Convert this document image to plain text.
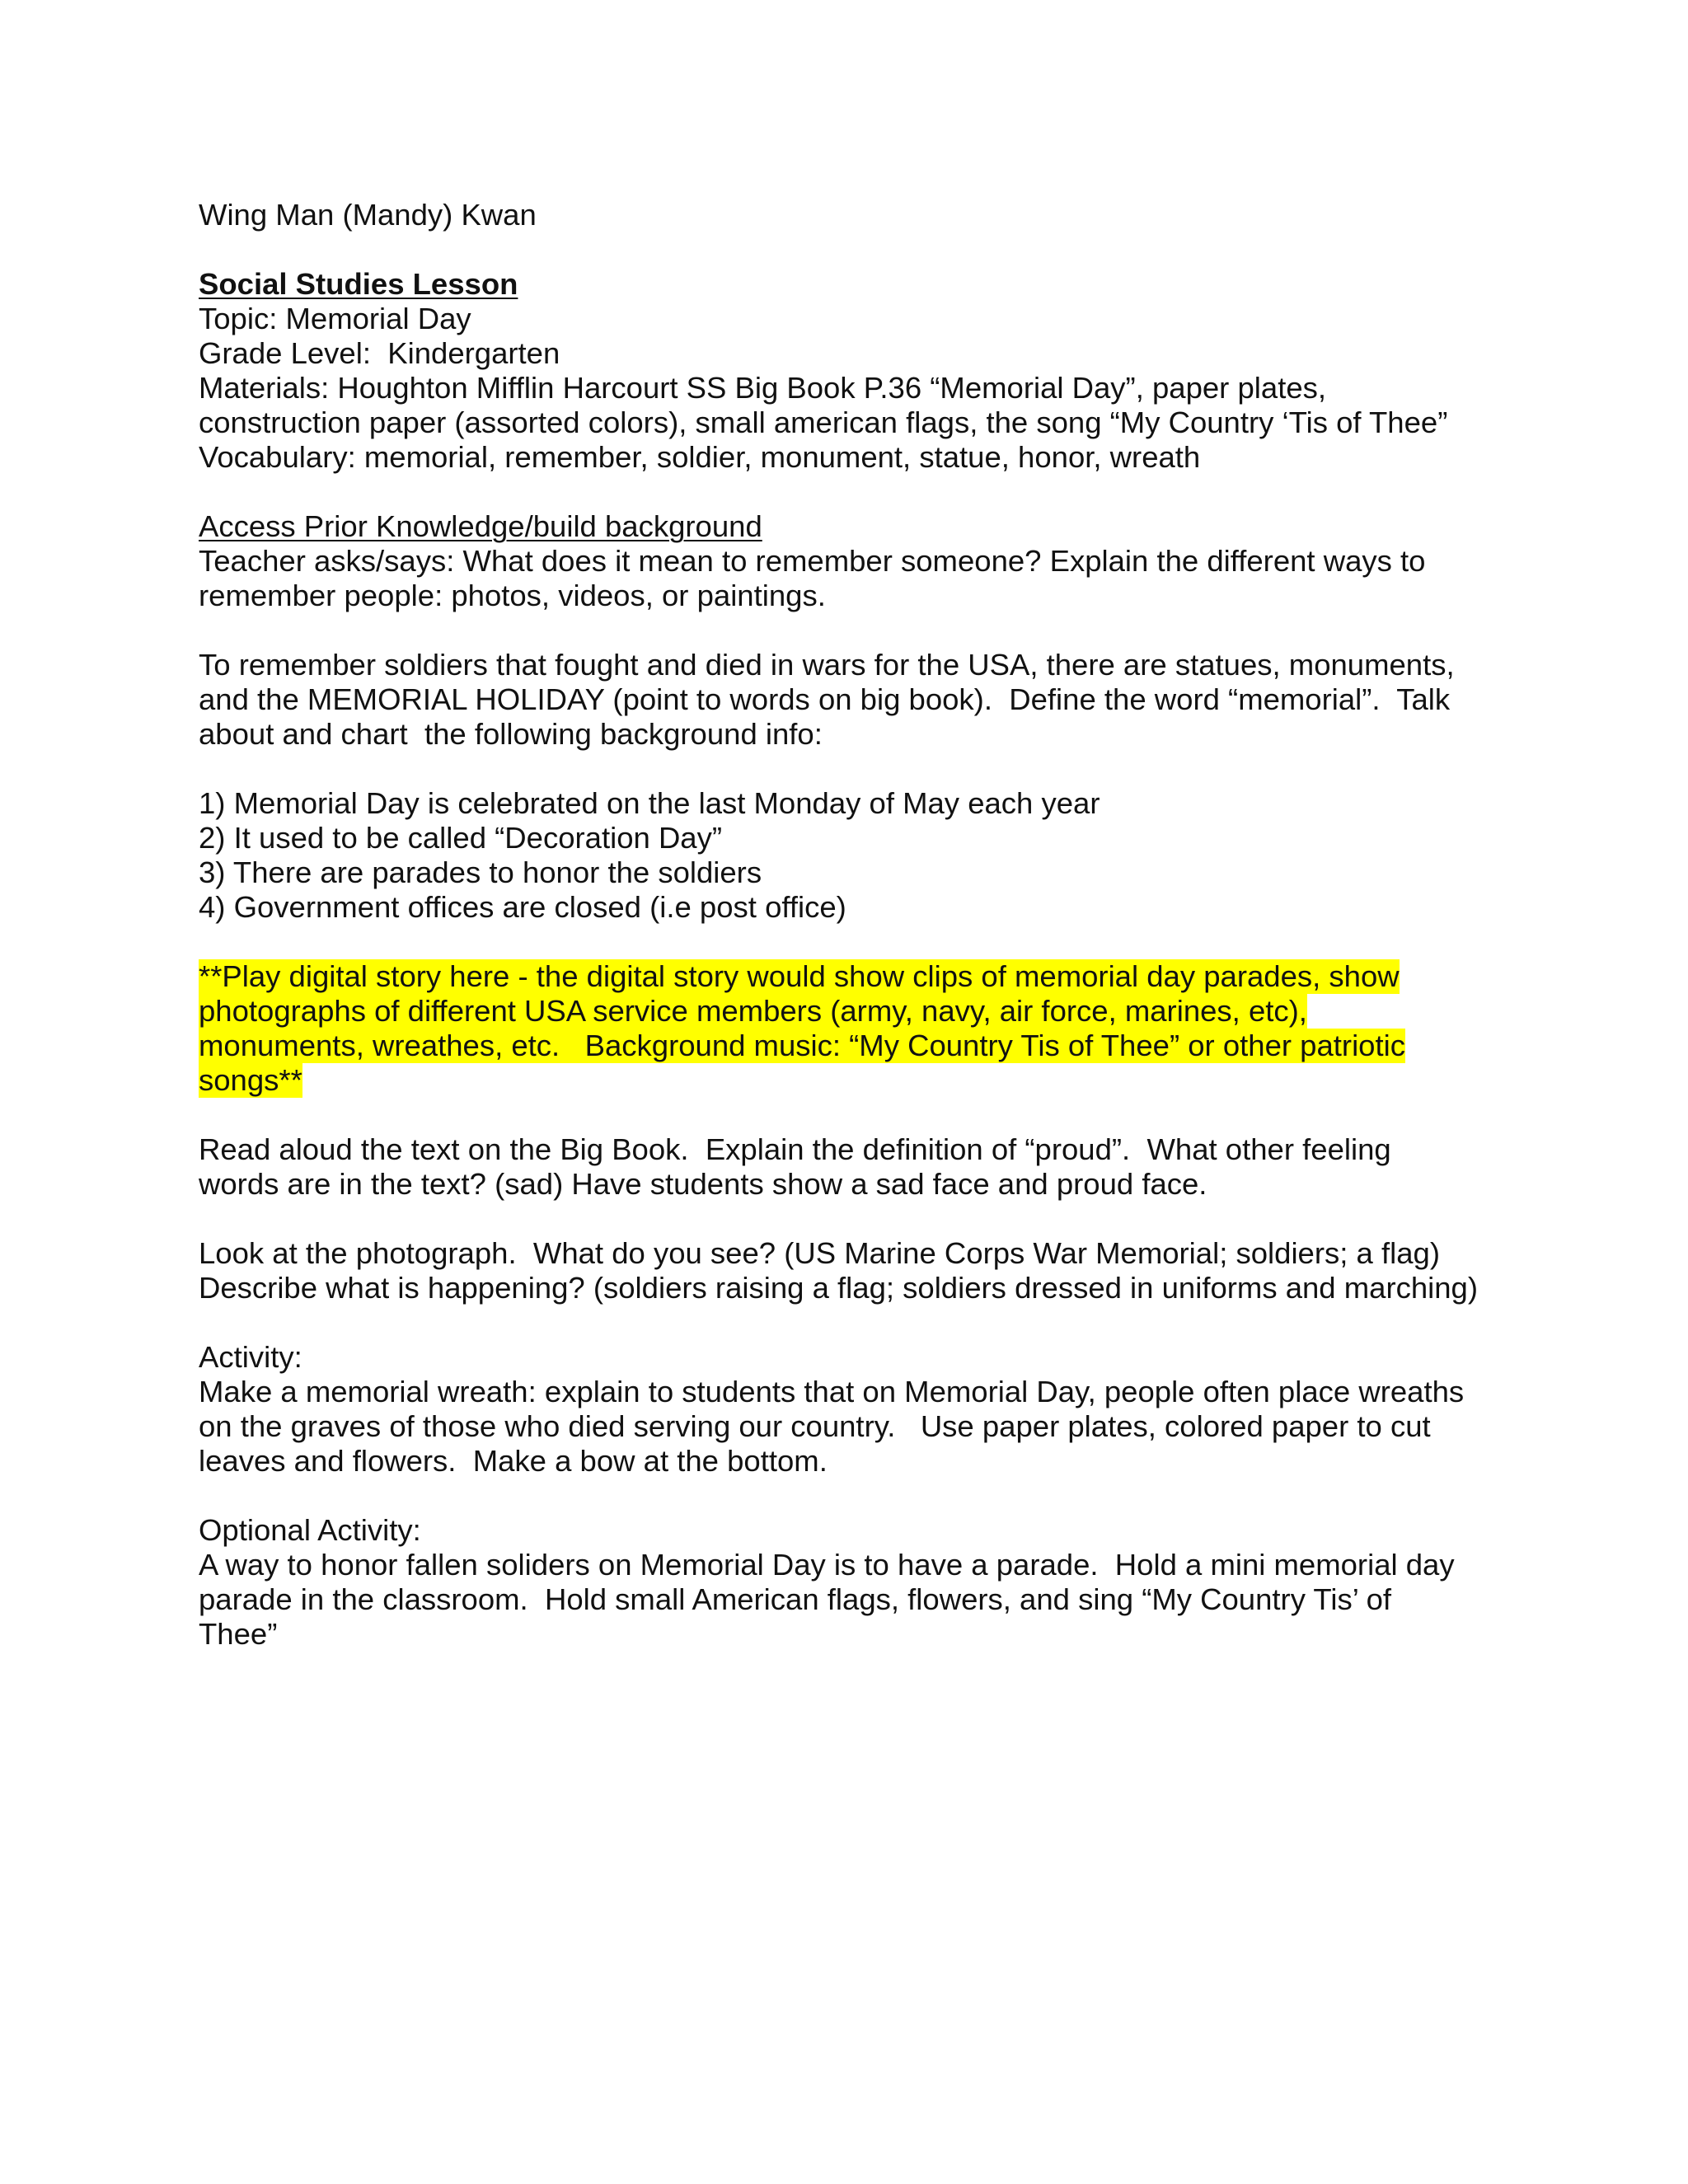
Wing Man (Mandy) Kwan
Social Studies Lesson
Topic: Memorial Day
Grade Level:  Kindergarten
Materials: Houghton Mifflin Harcourt SS Big Book P.36 “Memorial Day”, paper plates,
construction paper (assorted colors), small american flags, the song “My Country ‘Tis of Thee”
Vocabulary: memorial, remember, soldier, monument, statue, honor, wreath
Access Prior Knowledge/build background
Teacher asks/says: What does it mean to remember someone? Explain the different ways to
remember people: photos, videos, or paintings.
To remember soldiers that fought and died in wars for the USA, there are statues, monuments,
and the MEMORIAL HOLIDAY (point to words on big book).  Define the word “memorial”.  Talk
about and chart  the following background info:
1) Memorial Day is celebrated on the last Monday of May each year
2) It used to be called “Decoration Day”
3) There are parades to honor the soldiers
4) Government offices are closed (i.e post office)
**Play digital story here - the digital story would show clips of memorial day parades, show
photographs of different USA service members (army, navy, air force, marines, etc),
monuments, wreathes, etc.   Background music: “My Country Tis of Thee” or other patriotic
songs**
Read aloud the text on the Big Book.  Explain the definition of “proud”.  What other feeling
words are in the text? (sad) Have students show a sad face and proud face.
Look at the photograph.  What do you see? (US Marine Corps War Memorial; soldiers; a flag)
Describe what is happening? (soldiers raising a flag; soldiers dressed in uniforms and marching)
Activity:
Make a memorial wreath: explain to students that on Memorial Day, people often place wreaths
on the graves of those who died serving our country.   Use paper plates, colored paper to cut
leaves and flowers.  Make a bow at the bottom.
Optional Activity:
A way to honor fallen soliders on Memorial Day is to have a parade.  Hold a mini memorial day
parade in the classroom.  Hold small American flags, flowers, and sing “My Country Tis’ of
Thee”
